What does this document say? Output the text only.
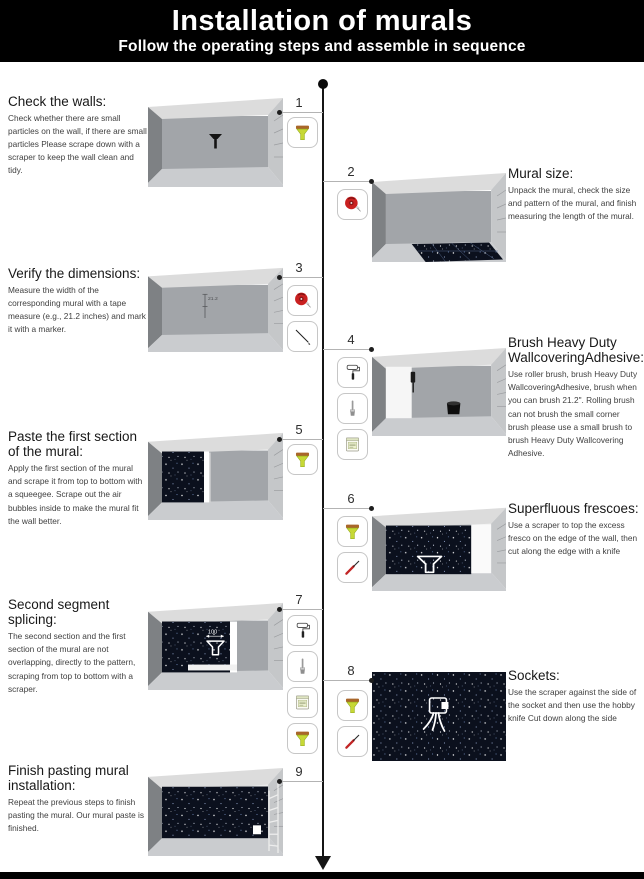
Installation of murals

Follow the operating steps and assemble in sequence

Check the walls:
Check whether there are small particles on the wall, if there are small particles Please scrape down with a scraper to keep the wall clean and tidy.
1
Mural size:
Unpack the mural, check the size and pattern of the mural, and finish measuring the length of the mural.
2
Verify the dimensions:
Measure the width of the corresponding mural with a tape measure (e.g., 21.2 inches) and mark it with a marker.
21.2
3
Brush Heavy Duty WallcoveringAdhesive:
Use roller brush, brush Heavy Duty WallcoveringAdhesive, brush when you can brush 21.2". Rolling brush can not brush the small corner brush please use a small brush to brush Heavy Duty Wallcovering Adhesive.
4
Paste the first section of the mural:
Apply the first section of the mural and scrape it from top to bottom with a squeegee. Scrape out the air bubbles inside to make the mural fit the wall better.
5
Superfluous frescoes:
Use a scraper to top the excess fresco on the edge of the wall, then cut along the edge with a knife
6
Second segment splicing:
The second section and the first section of the mural are not overlapping, directly to the pattern, scraping from top to bottom with a scraper.
100
7
Sockets:
Use the scraper against the side of the socket and then use the hobby knife Cut down along the side
8
Finish pasting mural installation:
Repeat the previous steps to finish pasting the mural. Our mural paste is finished.
9
